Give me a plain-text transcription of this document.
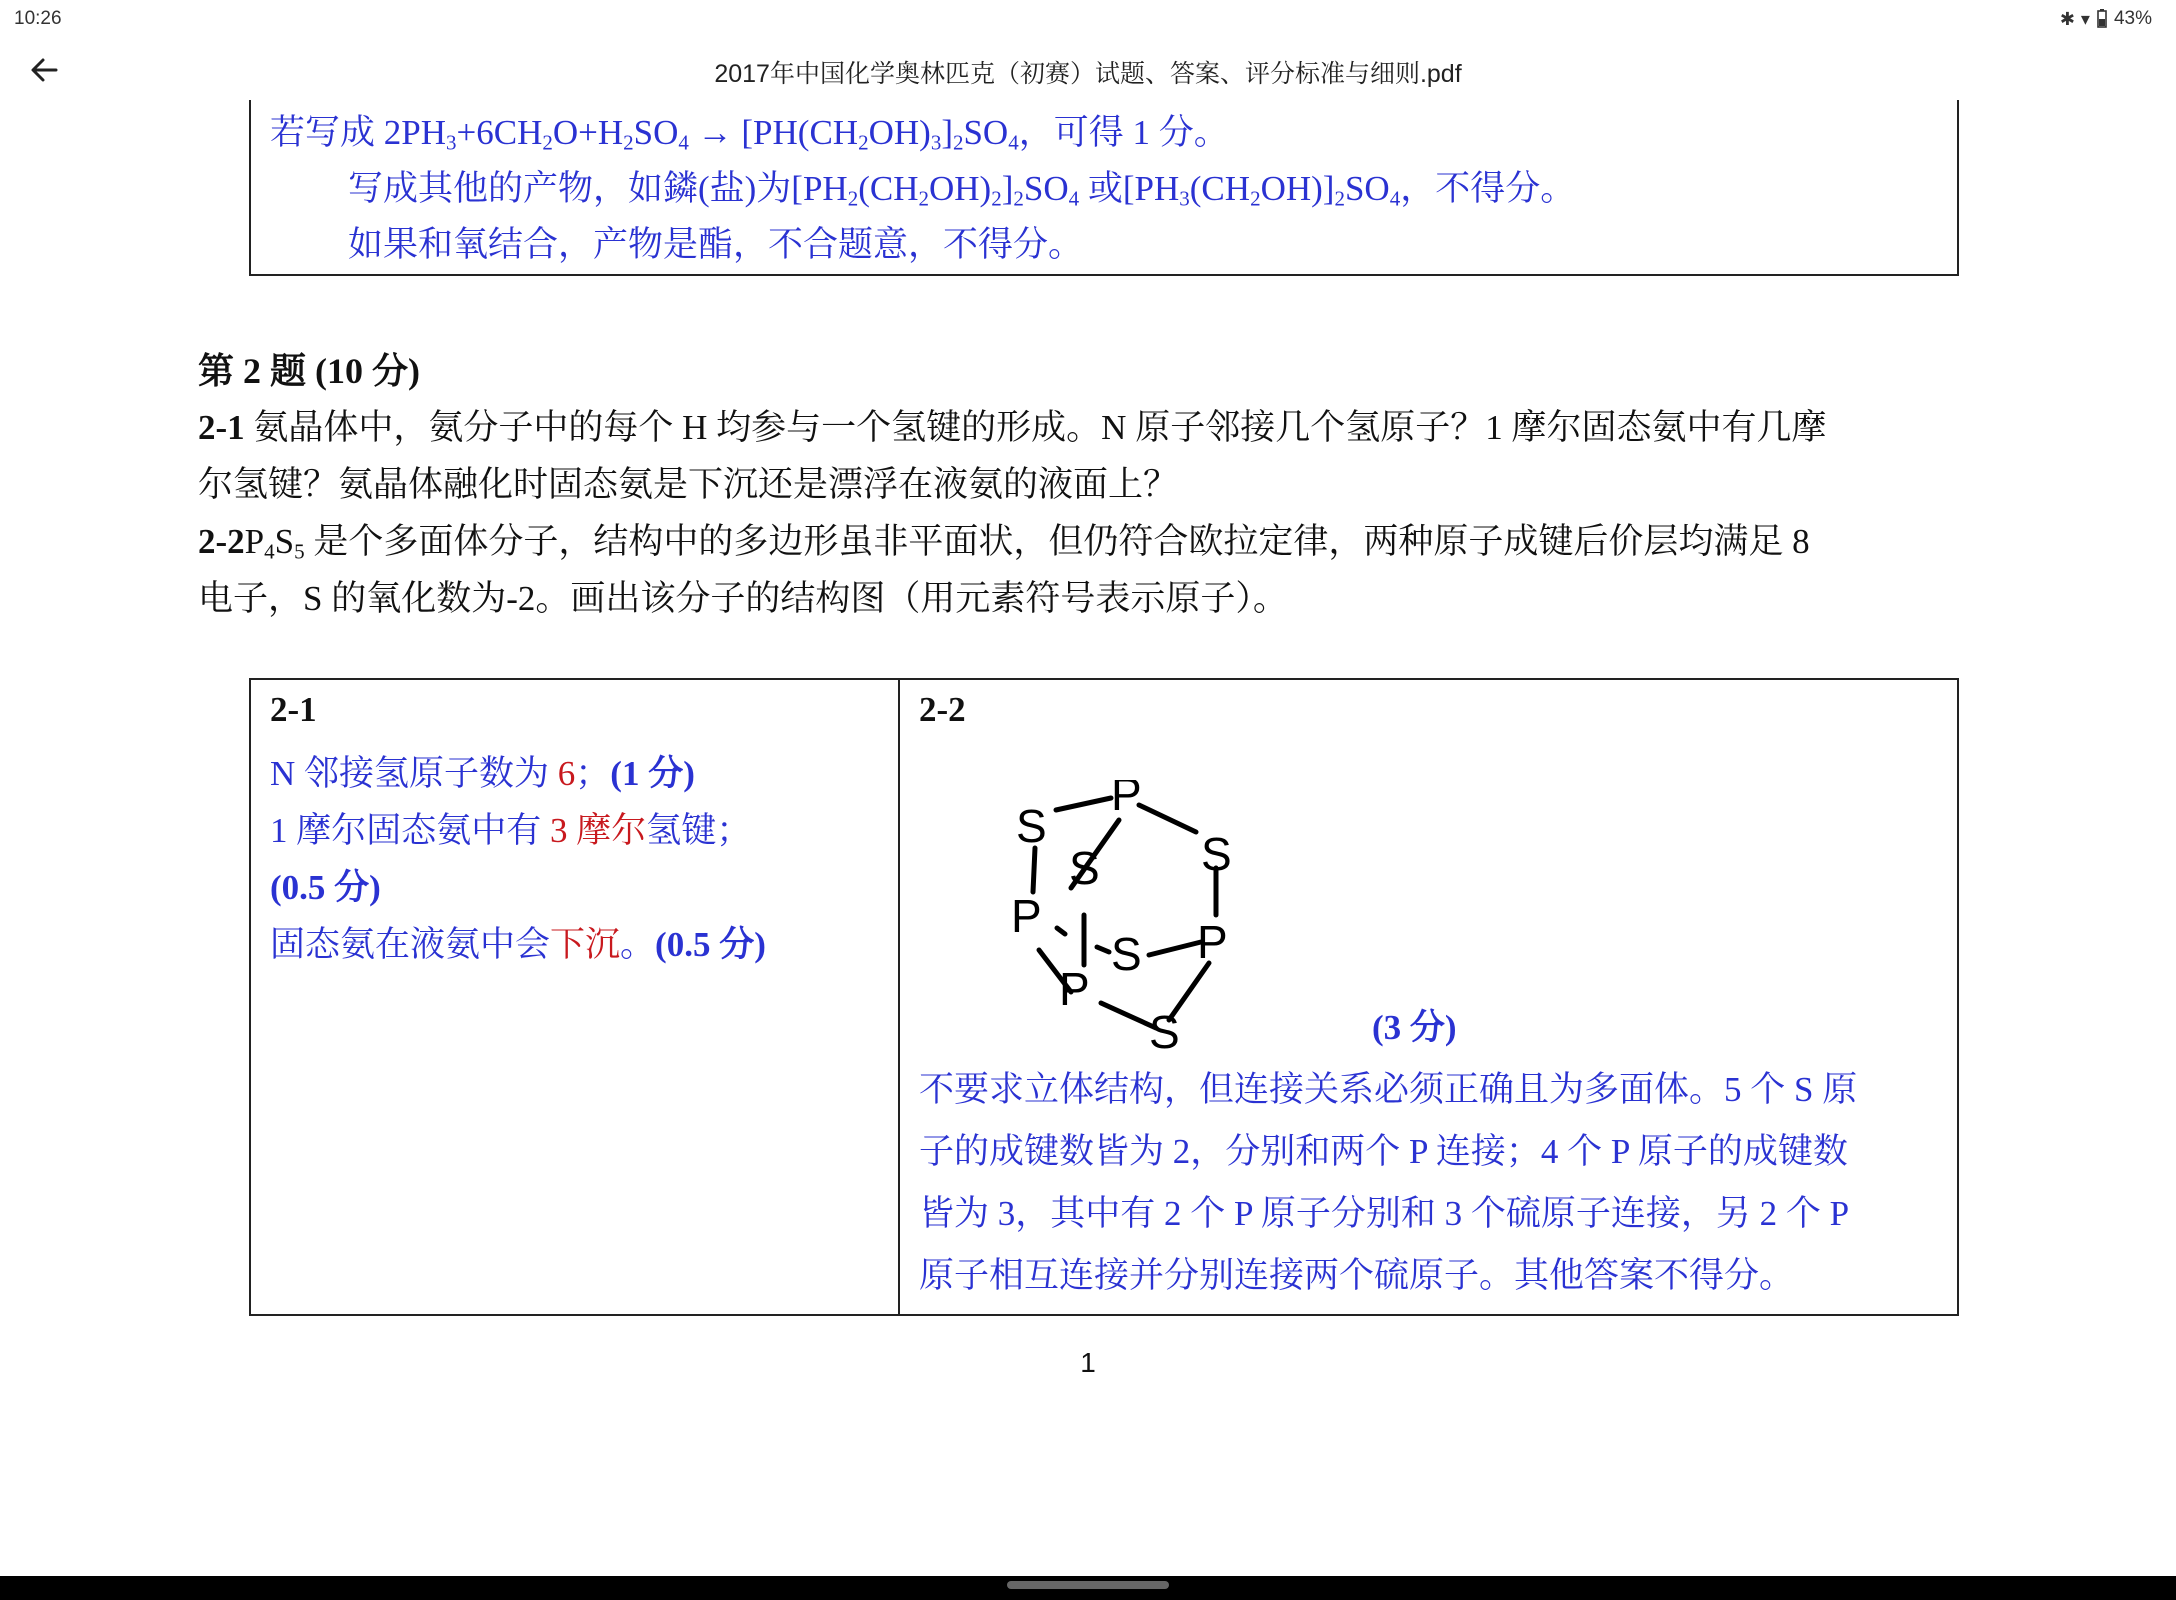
10:26	✱ ▾ 43%
2017年中国化学奥林匹克（初赛）试题、答案、评分标准与细则.pdf
若写成 $2PH_3+6CH_2O+H_2SO_4 \to [PH(CH_2OH)_3]_2SO_4$，可得 1 分。
写成其他的产物，如鏻(盐)为$[PH_2(CH_2OH)_2]_2SO_4$ 或$[PH_3(CH_2OH)]_2SO_4$，不得分。
如果和氧结合，产物是酯，不合题意，不得分。
第 2 题 (10 分)
2-1 氨晶体中，氨分子中的每个 H 均参与一个氢键的形成。N 原子邻接几个氢原子？1 摩尔固态氨中有几摩
尔氢键？氨晶体融化时固态氨是下沉还是漂浮在液氨的液面上？
$2-2P_4S_5$ 是个多面体分子，结构中的多边形虽非平面状，但仍符合欧拉定律，两种原子成键后价层均满足 8
电子，S 的氧化数为-2。画出该分子的结构图（用元素符号表示原子）。
2-1
N 邻接氢原子数为 6；(1 分)
1 摩尔固态氨中有 3 摩尔氢键；
(0.5 分)
固态氨在液氨中会下沉。(0.5 分)
2-2
P
S
S S
P
S P
P
S	(3 分)
不要求立体结构，但连接关系必须正确且为多面体。5 个 S 原
子的成键数皆为 2，分别和两个 P 连接；4 个 P 原子的成键数
皆为 3，其中有 2 个 P 原子分别和 3 个硫原子连接，另 2 个 P
原子相互连接并分别连接两个硫原子。其他答案不得分。
1
